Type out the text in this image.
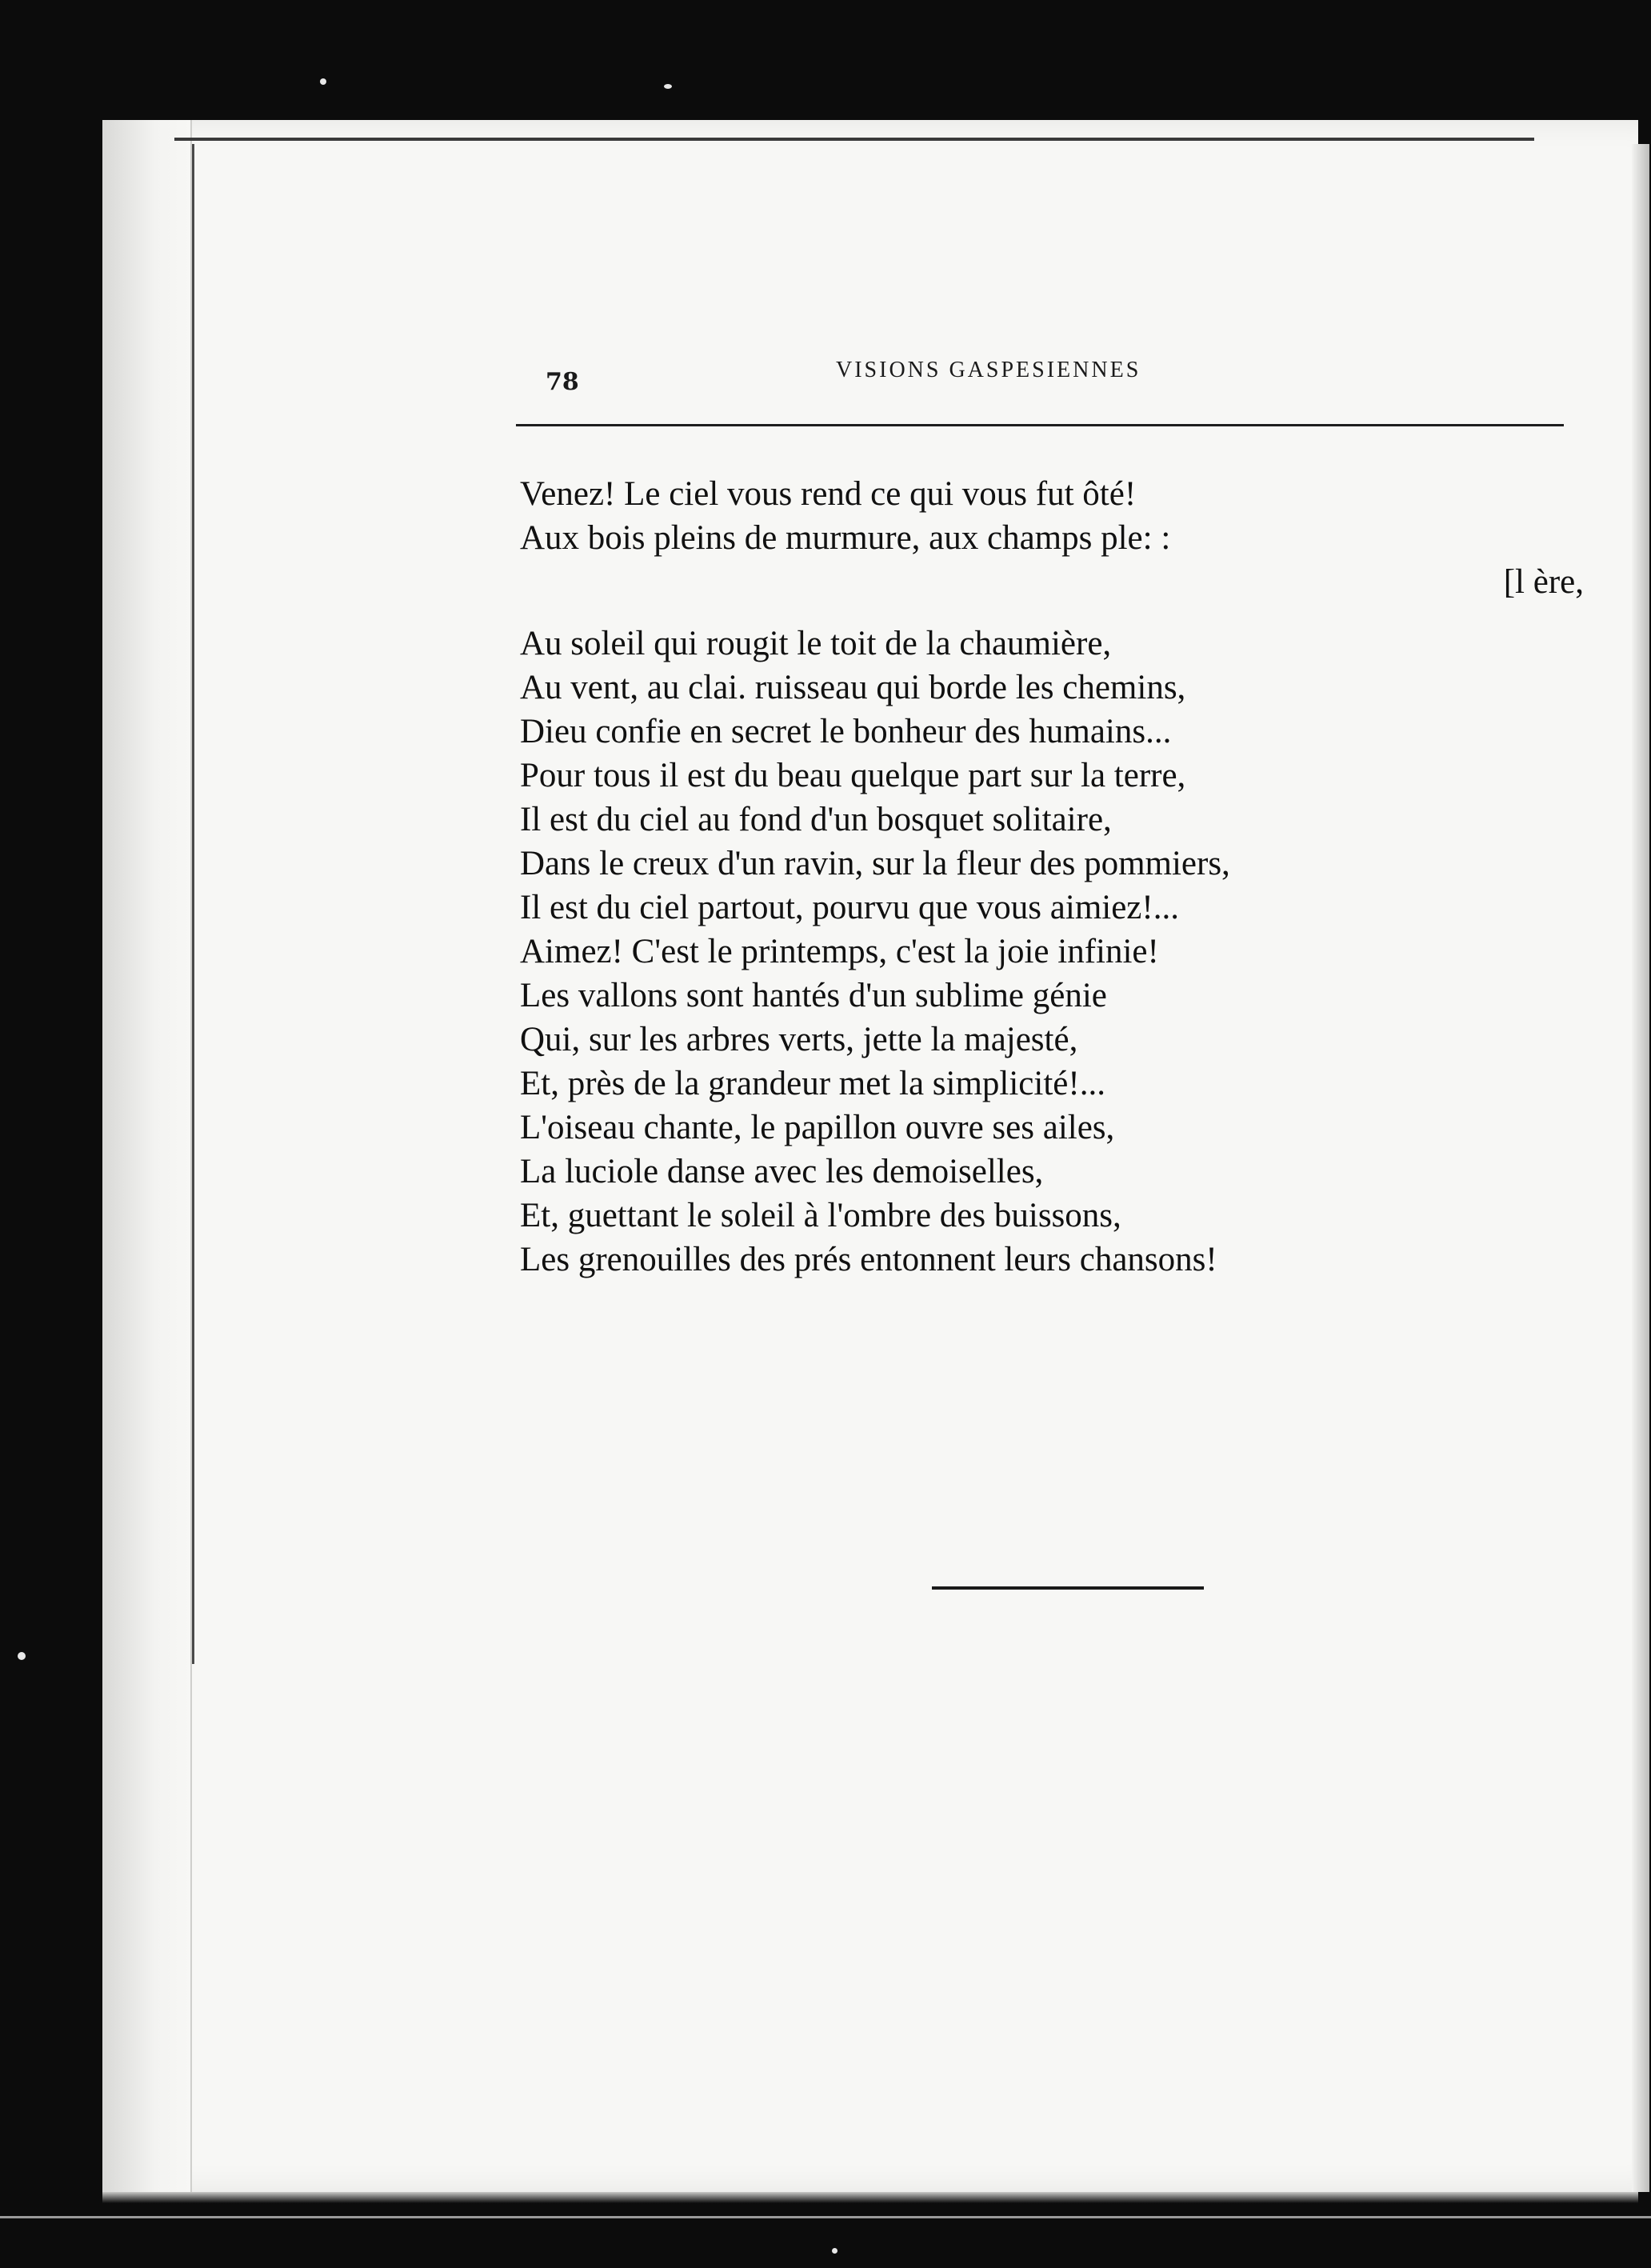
78	VISIONS GASPESIENNES
Venez! Le ciel vous rend ce qui vous fut ôté!
Aux bois pleins de murmure, aux champs ple: :
[l ère,
Au soleil qui rougit le toit de la chaumière,
Au vent, au clai. ruisseau qui borde les chemins,
Dieu confie en secret le bonheur des humains...
Pour tous il est du beau quelque part sur la terre,
Il est du ciel au fond d'un bosquet solitaire,
Dans le creux d'un ravin, sur la fleur des pommiers,
Il est du ciel partout, pourvu que vous aimiez!...
Aimez! C'est le printemps, c'est la joie infinie!
Les vallons sont hantés d'un sublime génie
Qui, sur les arbres verts, jette la majesté,
Et, près de la grandeur met la simplicité!...
L'oiseau chante, le papillon ouvre ses ailes,
La luciole danse avec les demoiselles,
Et, guettant le soleil à l'ombre des buissons,
Les grenouilles des prés entonnent leurs chansons!
